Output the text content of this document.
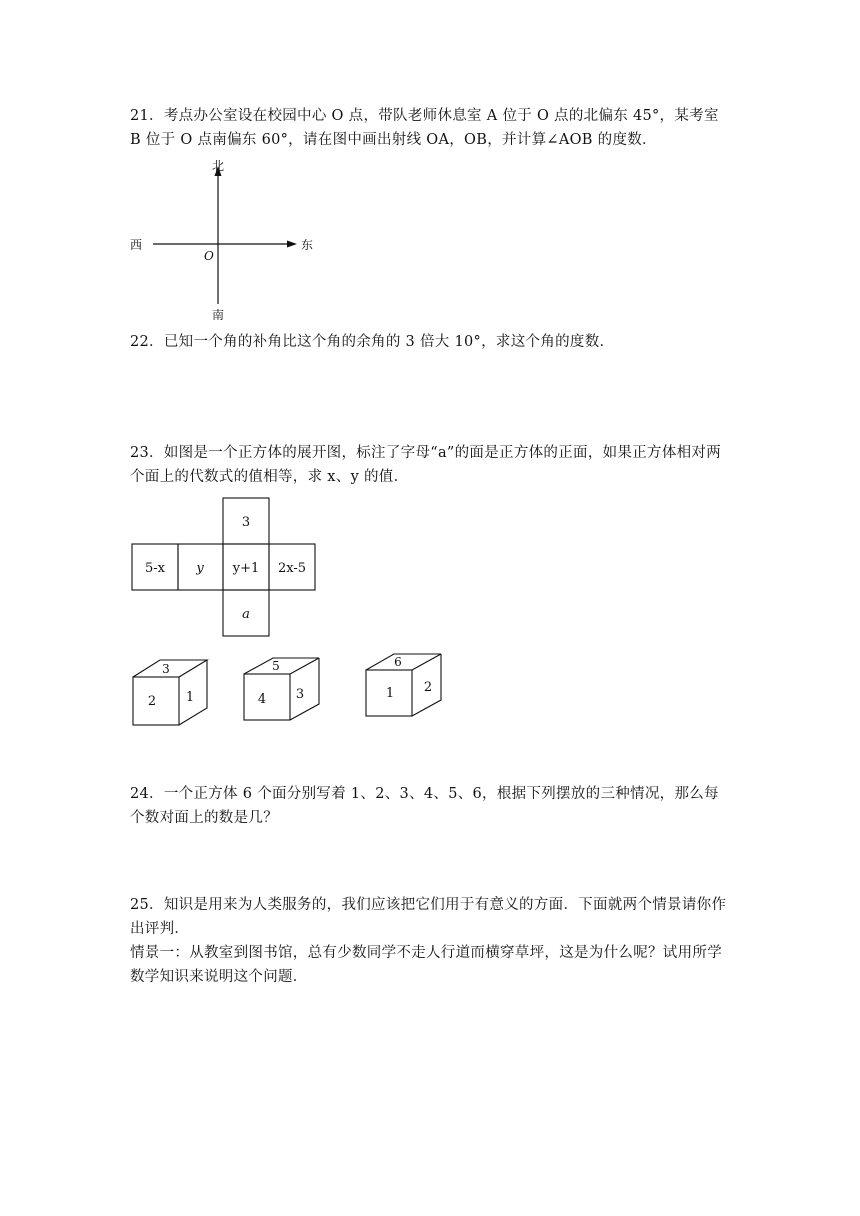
21．考点办公室设在校园中心 O 点，带队老师休息室 A 位于 O 点的北偏东 45°，某考室 B 位于 O 点南偏东 60°，请在图中画出射线 OA，OB，并计算∠AOB 的度数．

北
南
东
西
O

22．已知一个角的补角比这个角的余角的 3 倍大 10°，求这个角的度数．

23．如图是一个正方体的展开图，标注了字母“a”的面是正方体的正面，如果正方体相对两个面上的代数式的值相等，求 x、y 的值．

3
5-x y y+1 2x-5
a
3
2 1
5
4 3
6
1 2

24．一个正方体 6 个面分别写着 1、2、3、4、5、6，根据下列摆放的三种情况，那么每个数对面上的数是几？

25．知识是用来为人类服务的，我们应该把它们用于有意义的方面．下面就两个情景请你作出评判．

情景一：从教室到图书馆，总有少数同学不走人行道而横穿草坪，这是为什么呢？试用所学数学知识来说明这个问题．
